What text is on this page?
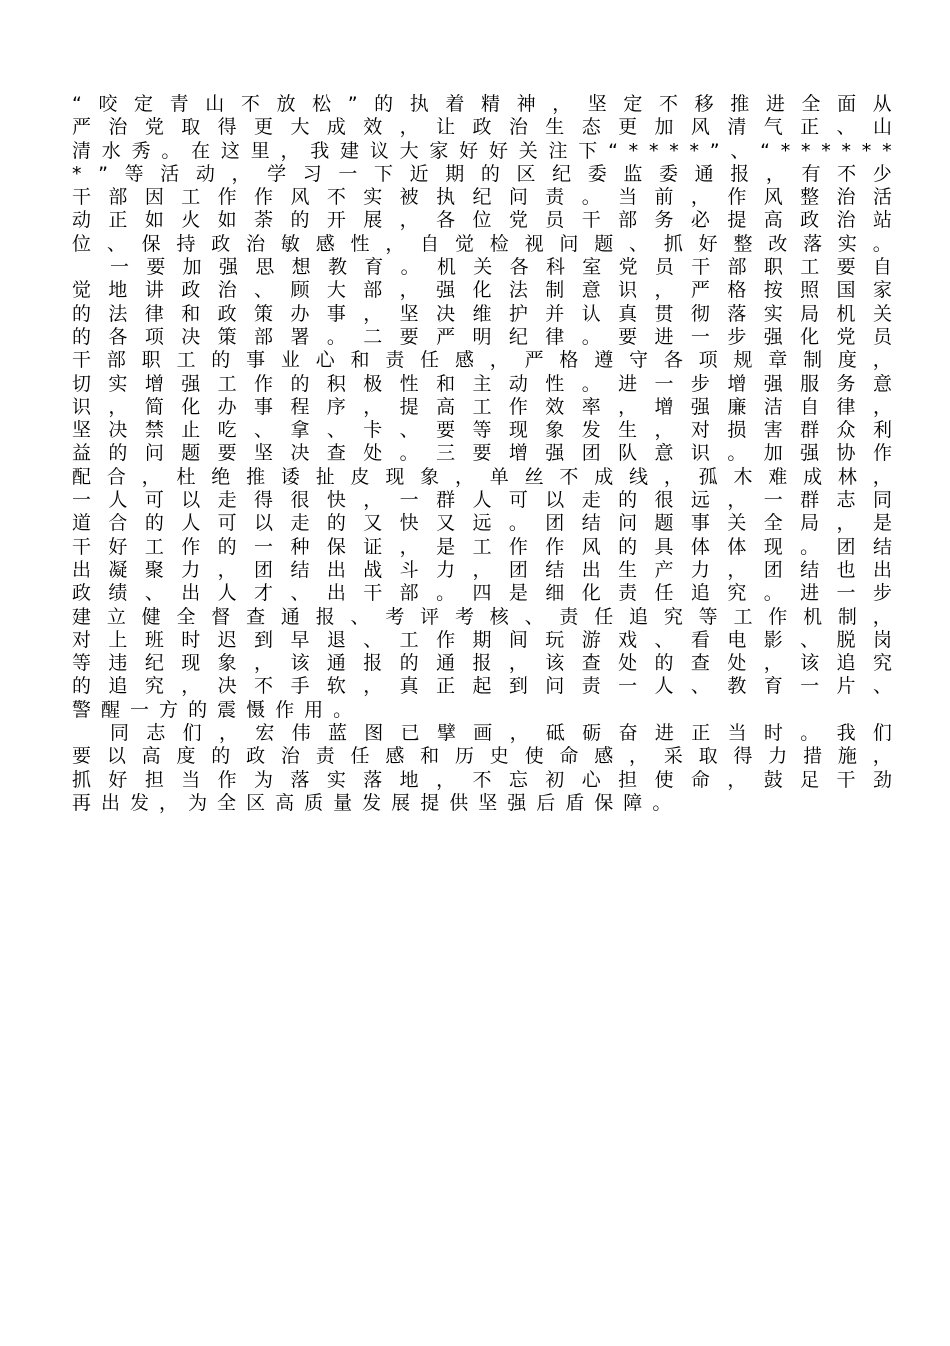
“ 咬 定 青 山 不 放 松 ” 的 执 着 精 神 ， 坚 定 不 移 推 进 全 面 从
严 治 党 取 得 更 大 成 效 ， 让 政 治 生 态 更 加 风 清 气 正 、 山
清 水 秀 。 在 这 里 ， 我 建 议 大 家 好 好 关 注 下 “ * * * * ” 、 “ * * * * * *
* ” 等 活 动 ， 学 习 一 下 近 期 的 区 纪 委 监 委 通 报 ， 有 不 少
干 部 因 工 作 作 风 不 实 被 执 纪 问 责 。 当 前 ， 作 风 整 治 活
动 正 如 火 如 荼 的 开 展 ， 各 位 党 员 干 部 务 必 提 高 政 治 站
位 、 保 持 政 治 敏 感 性 ， 自 觉 检 视 问 题 、 抓 好 整 改 落 实 。
一 要 加 强 思 想 教 育 。 机 关 各 科 室 党 员 干 部 职 工 要 自
觉 地 讲 政 治 、 顾 大 部 ， 强 化 法 制 意 识 ， 严 格 按 照 国 家
的 法 律 和 政 策 办 事 ， 坚 决 维 护 并 认 真 贯 彻 落 实 局 机 关
的 各 项 决 策 部 署 。 二 要 严 明 纪 律 。 要 进 一 步 强 化 党 员
干 部 职 工 的 事 业 心 和 责 任 感 ， 严 格 遵 守 各 项 规 章 制 度 ，
切 实 增 强 工 作 的 积 极 性 和 主 动 性 。 进 一 步 增 强 服 务 意
识 ， 简 化 办 事 程 序 ， 提 高 工 作 效 率 ， 增 强 廉 洁 自 律 ，
坚 决 禁 止 吃 、 拿 、 卡 、 要 等 现 象 发 生 ， 对 损 害 群 众 利
益 的 问 题 要 坚 决 查 处 。 三 要 增 强 团 队 意 识 。 加 强 协 作
配 合 ， 杜 绝 推 诿 扯 皮 现 象 ， 单 丝 不 成 线 ， 孤 木 难 成 林 ，
一 人 可 以 走 得 很 快 ， 一 群 人 可 以 走 的 很 远 ， 一 群 志 同
道 合 的 人 可 以 走 的 又 快 又 远 。 团 结 问 题 事 关 全 局 ， 是
干 好 工 作 的 一 种 保 证 ， 是 工 作 作 风 的 具 体 体 现 。 团 结
出 凝 聚 力 ， 团 结 出 战 斗 力 ， 团 结 出 生 产 力 ， 团 结 也 出
政 绩 、 出 人 才 、 出 干 部 。 四 是 细 化 责 任 追 究 。 进 一 步
建 立 健 全 督 查 通 报 、 考 评 考 核 、 责 任 追 究 等 工 作 机 制 ，
对 上 班 时 迟 到 早 退 、 工 作 期 间 玩 游 戏 、 看 电 影 、 脱 岗
等 违 纪 现 象 ， 该 通 报 的 通 报 ， 该 查 处 的 查 处 ， 该 追 究
的 追 究 ， 决 不 手 软 ， 真 正 起 到 问 责 一 人 、 教 育 一 片 、
警 醒 一 方 的 震 慑 作 用 。
同 志 们 ， 宏 伟 蓝 图 已 擘 画 ， 砥 砺 奋 进 正 当 时 。 我 们
要 以 高 度 的 政 治 责 任 感 和 历 史 使 命 感 ， 采 取 得 力 措 施 ，
抓 好 担 当 作 为 落 实 落 地 ， 不 忘 初 心 担 使 命 ， 鼓 足 干 劲
再 出 发 ， 为 全 区 高 质 量 发 展 提 供 坚 强 后 盾 保 障 。
